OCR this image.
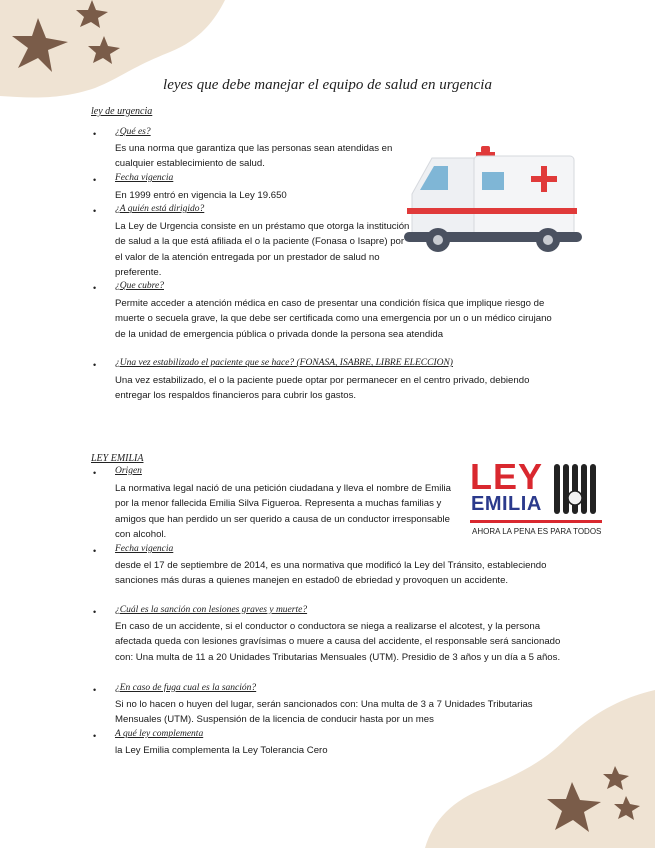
LEY
EMILIA
AHORA LA PENA ES PARA TODOS
leyes que debe manejar el equipo de salud en urgencia
ley de urgencia
• ¿Qué es?
Es una norma que garantiza que las personas sean atendidas en cualquier establecimiento de salud.
• Fecha vigencia
En 1999 entró en vigencia la Ley 19.650
• ¿A quién está dirigido?
La Ley de Urgencia consiste en un préstamo que otorga la institución de salud a la que está afiliada el o la paciente (Fonasa o Isapre) por el valor de la atención entregada por un prestador de salud no preferente.
• ¿Que cubre?
Permite acceder a atención médica en caso de presentar una condición física que implique riesgo de muerte o secuela grave, la que debe ser certificada como una emergencia por un o un médico cirujano de la unidad de emergencia pública o privada donde la persona sea atendida
• ¿Una vez estabilizado el paciente que se hace? (FONASA, ISABRE, LIBRE ELECCION)
Una vez estabilizado, el o la paciente puede optar por permanecer en el centro privado, debiendo entregar los respaldos financieros para cubrir los gastos.
LEY EMILIA
• Origen
La normativa legal nació de una petición ciudadana y lleva el nombre de Emilia por la menor fallecida Emilia Silva Figueroa. Representa a muchas familias y amigos que han perdido un ser querido a causa de un conductor irresponsable con alcohol.
• Fecha vigencia
desde el 17 de septiembre de 2014, es una normativa que modificó la Ley del Tránsito, estableciendo sanciones más duras a quienes manejen en estado0 de ebriedad y provoquen un accidente.
• ¿Cuál es la sanción con lesiones graves y muerte?
En caso de un accidente, si el conductor o conductora se niega a realizarse el alcotest, y la persona afectada queda con lesiones gravísimas o muere a causa del accidente, el responsable será sancionado con: Una multa de 11 a 20 Unidades Tributarias Mensuales (UTM). Presidio de 3 años y un día a 5 años.
• ¿En caso de fuga cual es la sanción?
Si no lo hacen o huyen del lugar, serán sancionados con: Una multa de 3 a 7 Unidades Tributarias Mensuales (UTM). Suspensión de la licencia de conducir hasta por un mes
• A qué ley complementa
la Ley Emilia complementa la Ley Tolerancia Cero
